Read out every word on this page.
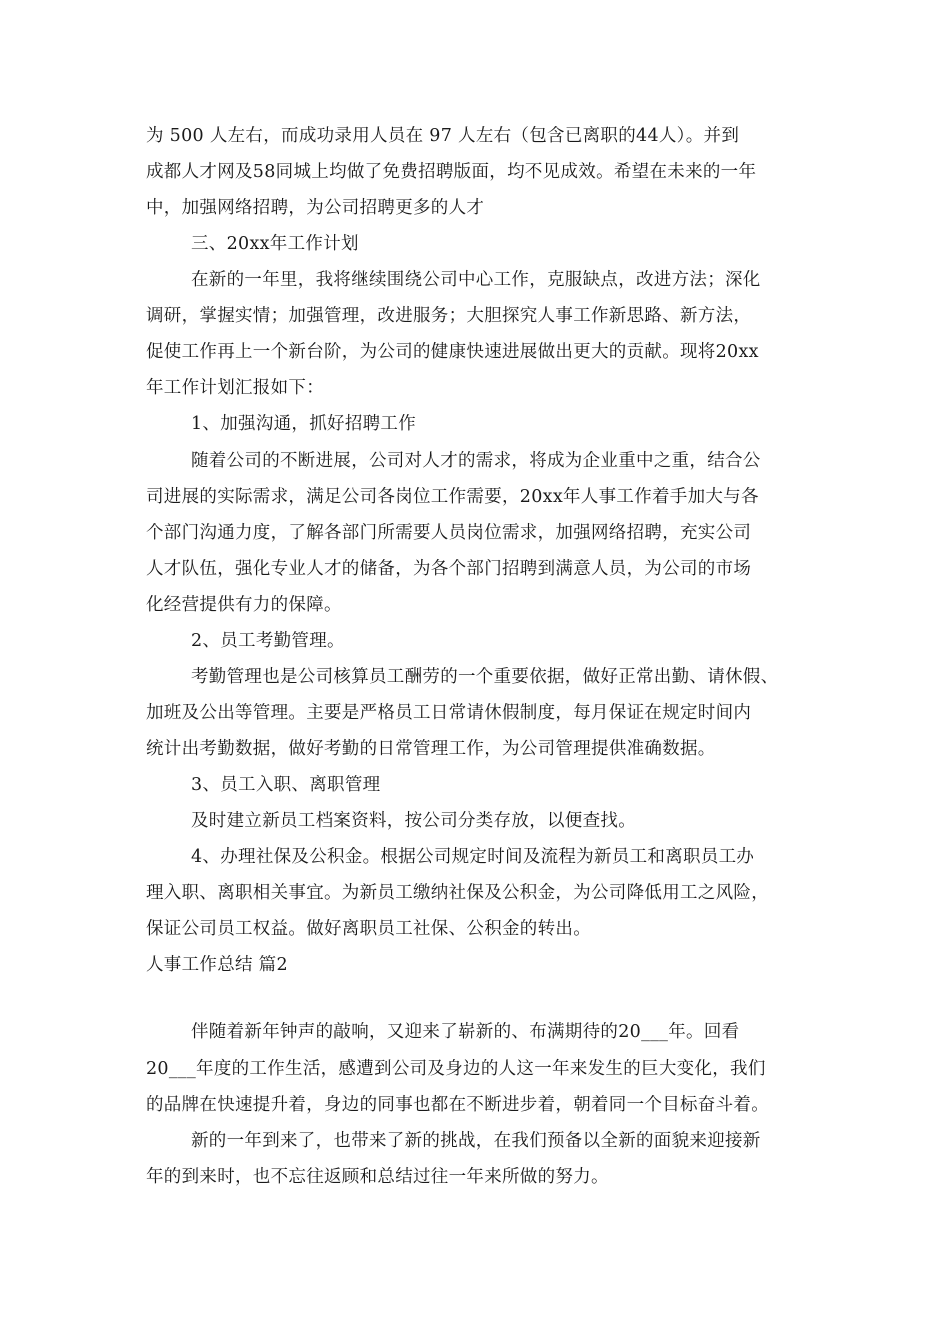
为 500 人左右，而成功录用人员在 97 人左右（包含已离职的44人）。并到
成都人才网及58同城上均做了免费招聘版面，均不见成效。希望在未来的一年
中，加强网络招聘，为公司招聘更多的人才
三、20xx年工作计划
在新的一年里，我将继续围绕公司中心工作，克服缺点，改进方法；深化
调研，掌握实情；加强管理，改进服务；大胆探究人事工作新思路、新方法，
促使工作再上一个新台阶，为公司的健康快速进展做出更大的贡献。现将20xx
年工作计划汇报如下：
1、加强沟通，抓好招聘工作
随着公司的不断进展，公司对人才的需求，将成为企业重中之重，结合公
司进展的实际需求，满足公司各岗位工作需要，20xx年人事工作着手加大与各
个部门沟通力度，了解各部门所需要人员岗位需求，加强网络招聘，充实公司
人才队伍，强化专业人才的储备，为各个部门招聘到满意人员，为公司的市场
化经营提供有力的保障。
2、员工考勤管理。
考勤管理也是公司核算员工酬劳的一个重要依据，做好正常出勤、请休假、
加班及公出等管理。主要是严格员工日常请休假制度，每月保证在规定时间内
统计出考勤数据，做好考勤的日常管理工作，为公司管理提供准确数据。
3、员工入职、离职管理
及时建立新员工档案资料，按公司分类存放，以便查找。
4、办理社保及公积金。根据公司规定时间及流程为新员工和离职员工办
理入职、离职相关事宜。为新员工缴纳社保及公积金，为公司降低用工之风险，
保证公司员工权益。做好离职员工社保、公积金的转出。
人事工作总结 篇2
伴随着新年钟声的敲响，又迎来了崭新的、布满期待的20___年。回看
20___年度的工作生活，感遭到公司及身边的人这一年来发生的巨大变化，我们
的品牌在快速提升着，身边的同事也都在不断进步着，朝着同一个目标奋斗着。
新的一年到来了，也带来了新的挑战，在我们预备以全新的面貌来迎接新
年的到来时，也不忘往返顾和总结过往一年来所做的努力。
